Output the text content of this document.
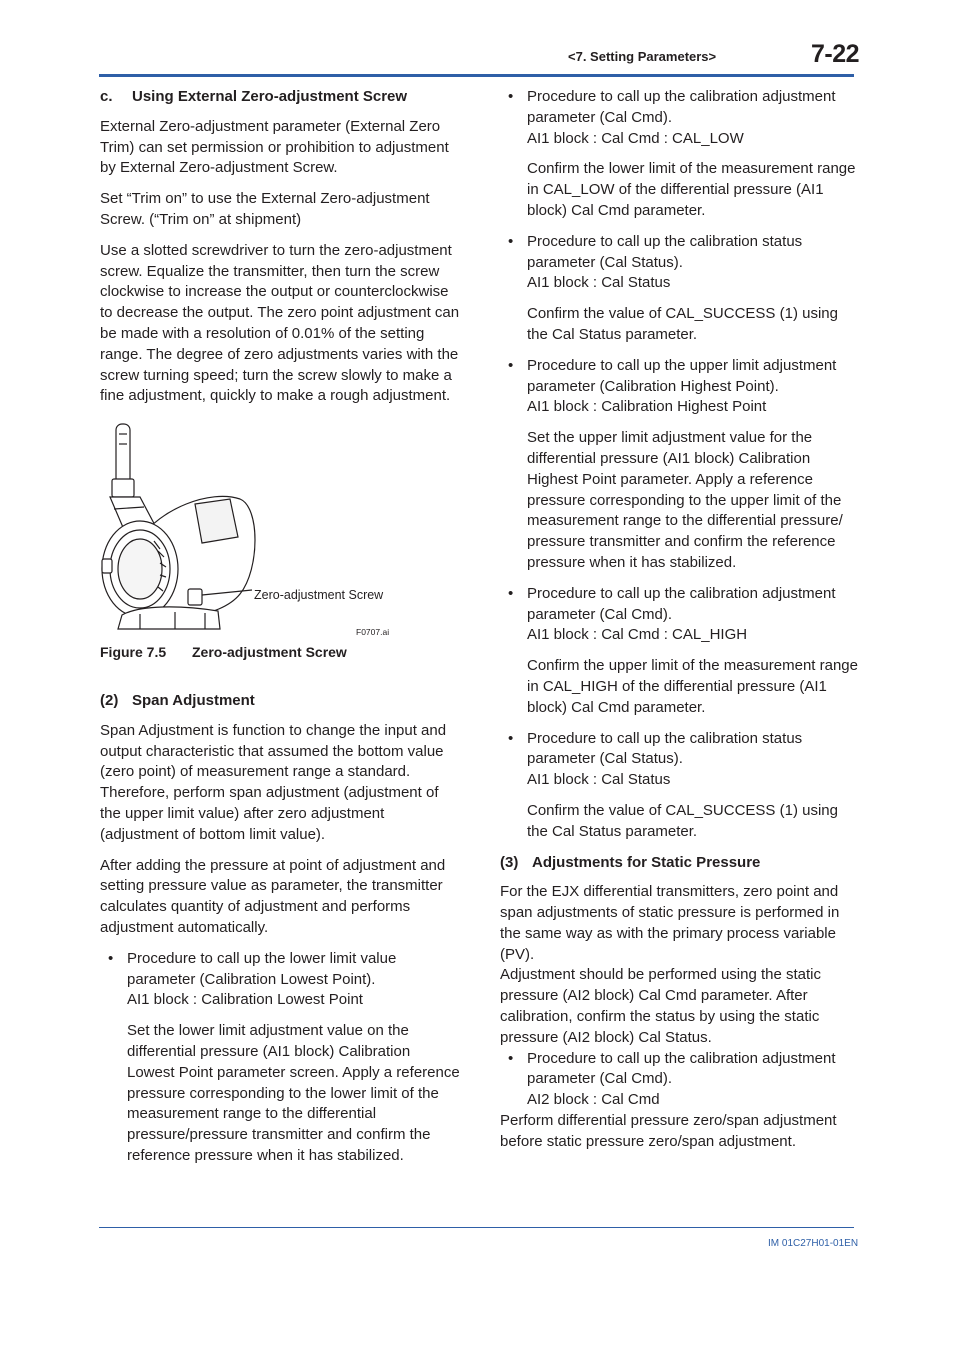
<7. Setting Parameters>	7-22
c. Using External Zero-adjustment Screw
External Zero-adjustment parameter (External Zero Trim) can set permission or prohibition to adjustment by External Zero-adjustment Screw.
Set “Trim on” to use the External Zero-adjustment Screw. (“Trim on” at shipment)
Use a slotted screwdriver to turn the zero-adjustment screw. Equalize the transmitter, then turn the screw clockwise to increase the output or counterclockwise to decrease the output. The zero point adjustment can be made with a resolution of 0.01% of the setting range. The degree of zero adjustments varies with the screw turning speed; turn the screw slowly to make a fine adjustment, quickly to make a rough adjustment.
Zero-adjustment Screw
F0707.ai
Figure 7.5 Zero-adjustment Screw
(2) Span Adjustment
Span Adjustment is function to change the input and output characteristic that assumed the bottom value (zero point) of measurement range a standard. Therefore, perform span adjustment (adjustment of the upper limit value) after zero adjustment (adjustment of bottom limit value).
After adding the pressure at point of adjustment and setting pressure value as parameter, the transmitter calculates quantity of adjustment and performs adjustment automatically.
• Procedure to call up the lower limit value parameter (Calibration Lowest Point).
AI1 block : Calibration Lowest Point
Set the lower limit adjustment value on the differential pressure (AI1 block) Calibration Lowest Point parameter screen. Apply a reference pressure corresponding to the lower limit of the measurement range to the differential pressure/pressure transmitter and confirm the reference pressure when it has stabilized.
• Procedure to call up the calibration adjustment parameter (Cal Cmd).
AI1 block : Cal Cmd : CAL_LOW
Confirm the lower limit of the measurement range in CAL_LOW of the differential pressure (AI1 block) Cal Cmd parameter.
• Procedure to call up the calibration status parameter (Cal Status).
AI1 block : Cal Status
Confirm the value of CAL_SUCCESS (1) using the Cal Status parameter.
• Procedure to call up the upper limit adjustment parameter (Calibration Highest Point).
AI1 block : Calibration Highest Point
Set the upper limit adjustment value for the differential pressure (AI1 block) Calibration Highest Point parameter. Apply a reference pressure corresponding to the upper limit of the measurement range to the differential pressure/ pressure transmitter and confirm the reference pressure when it has stabilized.
• Procedure to call up the calibration adjustment parameter (Cal Cmd).
AI1 block : Cal Cmd : CAL_HIGH
Confirm the upper limit of the measurement range in CAL_HIGH of the differential pressure (AI1 block) Cal Cmd parameter.
• Procedure to call up the calibration status parameter (Cal Status).
AI1 block : Cal Status
Confirm the value of CAL_SUCCESS (1) using the Cal Status parameter.
(3) Adjustments for Static Pressure
For the EJX differential transmitters, zero point and span adjustments of static pressure is performed in the same way as with the primary process variable (PV).
Adjustment should be performed using the static pressure (AI2 block) Cal Cmd parameter. After calibration, confirm the status by using the static pressure (AI2 block) Cal Status.
• Procedure to call up the calibration adjustment parameter (Cal Cmd).
AI2 block : Cal Cmd
Perform differential pressure zero/span adjustment before static pressure zero/span adjustment.
IM 01C27H01-01EN
